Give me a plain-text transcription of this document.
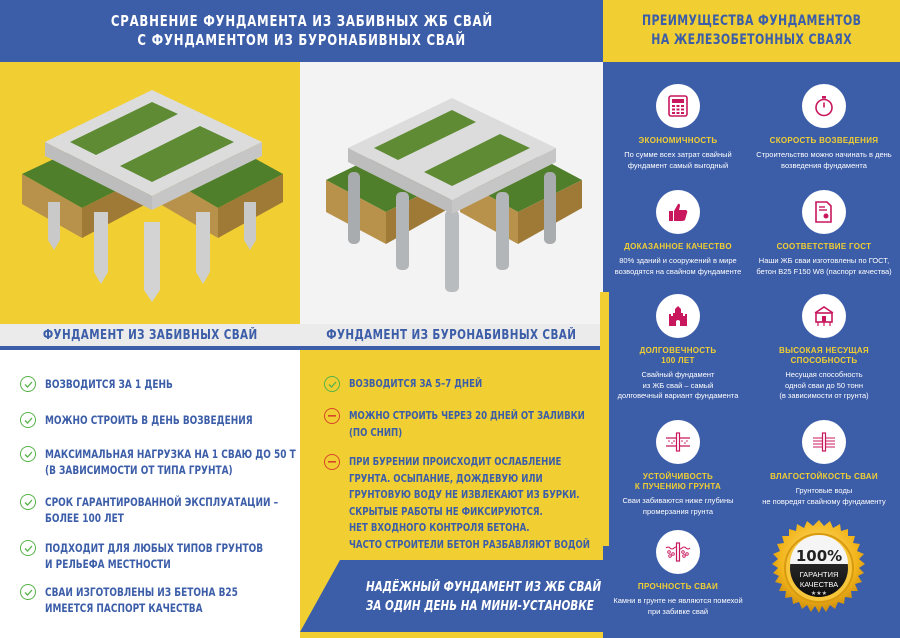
СРАВНЕНИЕ ФУНДАМЕНТА ИЗ ЗАБИВНЫХ ЖБ СВАЙ
С ФУНДАМЕНТОМ ИЗ БУРОНАБИВНЫХ СВАЙ
ПРЕИМУЩЕСТВА ФУНДАМЕНТОВ
НА ЖЕЛЕЗОБЕТОННЫХ СВАЯХ
ФУНДАМЕНТ ИЗ ЗАБИВНЫХ СВАЙ	ФУНДАМЕНТ ИЗ БУРОНАБИВНЫХ СВАЙ
ВОЗВОДИТСЯ ЗА 1 ДЕНЬ
МОЖНО СТРОИТЬ В ДЕНЬ ВОЗВЕДЕНИЯ
МАКСИМАЛЬНАЯ НАГРУЗКА НА 1 СВАЮ ДО 50 Т
(В ЗАВИСИМОСТИ ОТ ТИПА ГРУНТА)
СРОК ГАРАНТИРОВАННОЙ ЭКСПЛУАТАЦИИ –
БОЛЕЕ 100 ЛЕТ
ПОДХОДИТ ДЛЯ ЛЮБЫХ ТИПОВ ГРУНТОВ
И РЕЛЬЕФА МЕСТНОСТИ
СВАИ ИЗГОТОВЛЕНЫ ИЗ БЕТОНА В25
ИМЕЕТСЯ ПАСПОРТ КАЧЕСТВА
ВОЗВОДИТСЯ ЗА 5–7 ДНЕЙ
МОЖНО СТРОИТЬ ЧЕРЕЗ 20 ДНЕЙ ОТ ЗАЛИВКИ
(ПО СНИП)
ПРИ БУРЕНИИ ПРОИСХОДИТ ОСЛАБЛЕНИЕ
ГРУНТА. ОСЫПАНИЕ, ДОЖДЕВУЮ ИЛИ
ГРУНТОВУЮ ВОДУ НЕ ИЗВЛЕКАЮТ ИЗ БУРКИ.
СКРЫТЫЕ РАБОТЫ НЕ ФИКСИРУЮТСЯ.
НЕТ ВХОДНОГО КОНТРОЛЯ БЕТОНА.
ЧАСТО СТРОИТЕЛИ БЕТОН РАЗБАВЛЯЮТ ВОДОЙ
НАДЁЖНЫЙ ФУНДАМЕНТ ИЗ ЖБ СВАЙ
ЗА ОДИН ДЕНЬ НА МИНИ-УСТАНОВКЕ
ЭКОНОМИЧНОСТЬ
По сумме всех затрат свайный
фундамент самый выгодный
СКОРОСТЬ ВОЗВЕДЕНИЯ
Строительство можно начинать в день
возведения фундамента
ДОКАЗАННОЕ КАЧЕСТВО
80% зданий и сооружений в мире
возводятся на свайном фундаменте
СООТВЕТСТВИЕ ГОСТ
Наши ЖБ сваи изготовлены по ГОСТ,
бетон В25 F150 W8 (паспорт качества)
ДОЛГОВЕЧНОСТЬ
100 ЛЕТ
Свайный фундамент
из ЖБ свай – самый
долговечный вариант фундамента
ВЫСОКАЯ НЕСУЩАЯ
СПОСОБНОСТЬ
Несущая способность
одной сваи до 50 тонн
(в зависимости от грунта)
УСТОЙЧИВОСТЬ
К ПУЧЕНИЮ ГРУНТА
Сваи забиваются ниже глубины
промерзания грунта
ВЛАГОСТОЙКОСТЬ СВАИ
Грунтовые воды
не повредят свайному фундаменту
ПРОЧНОСТЬ СВАИ
Камни в грунте не являются помехой
при забивке свай
100%
ГАРАНТИЯ
КАЧЕСТВА
★★★
